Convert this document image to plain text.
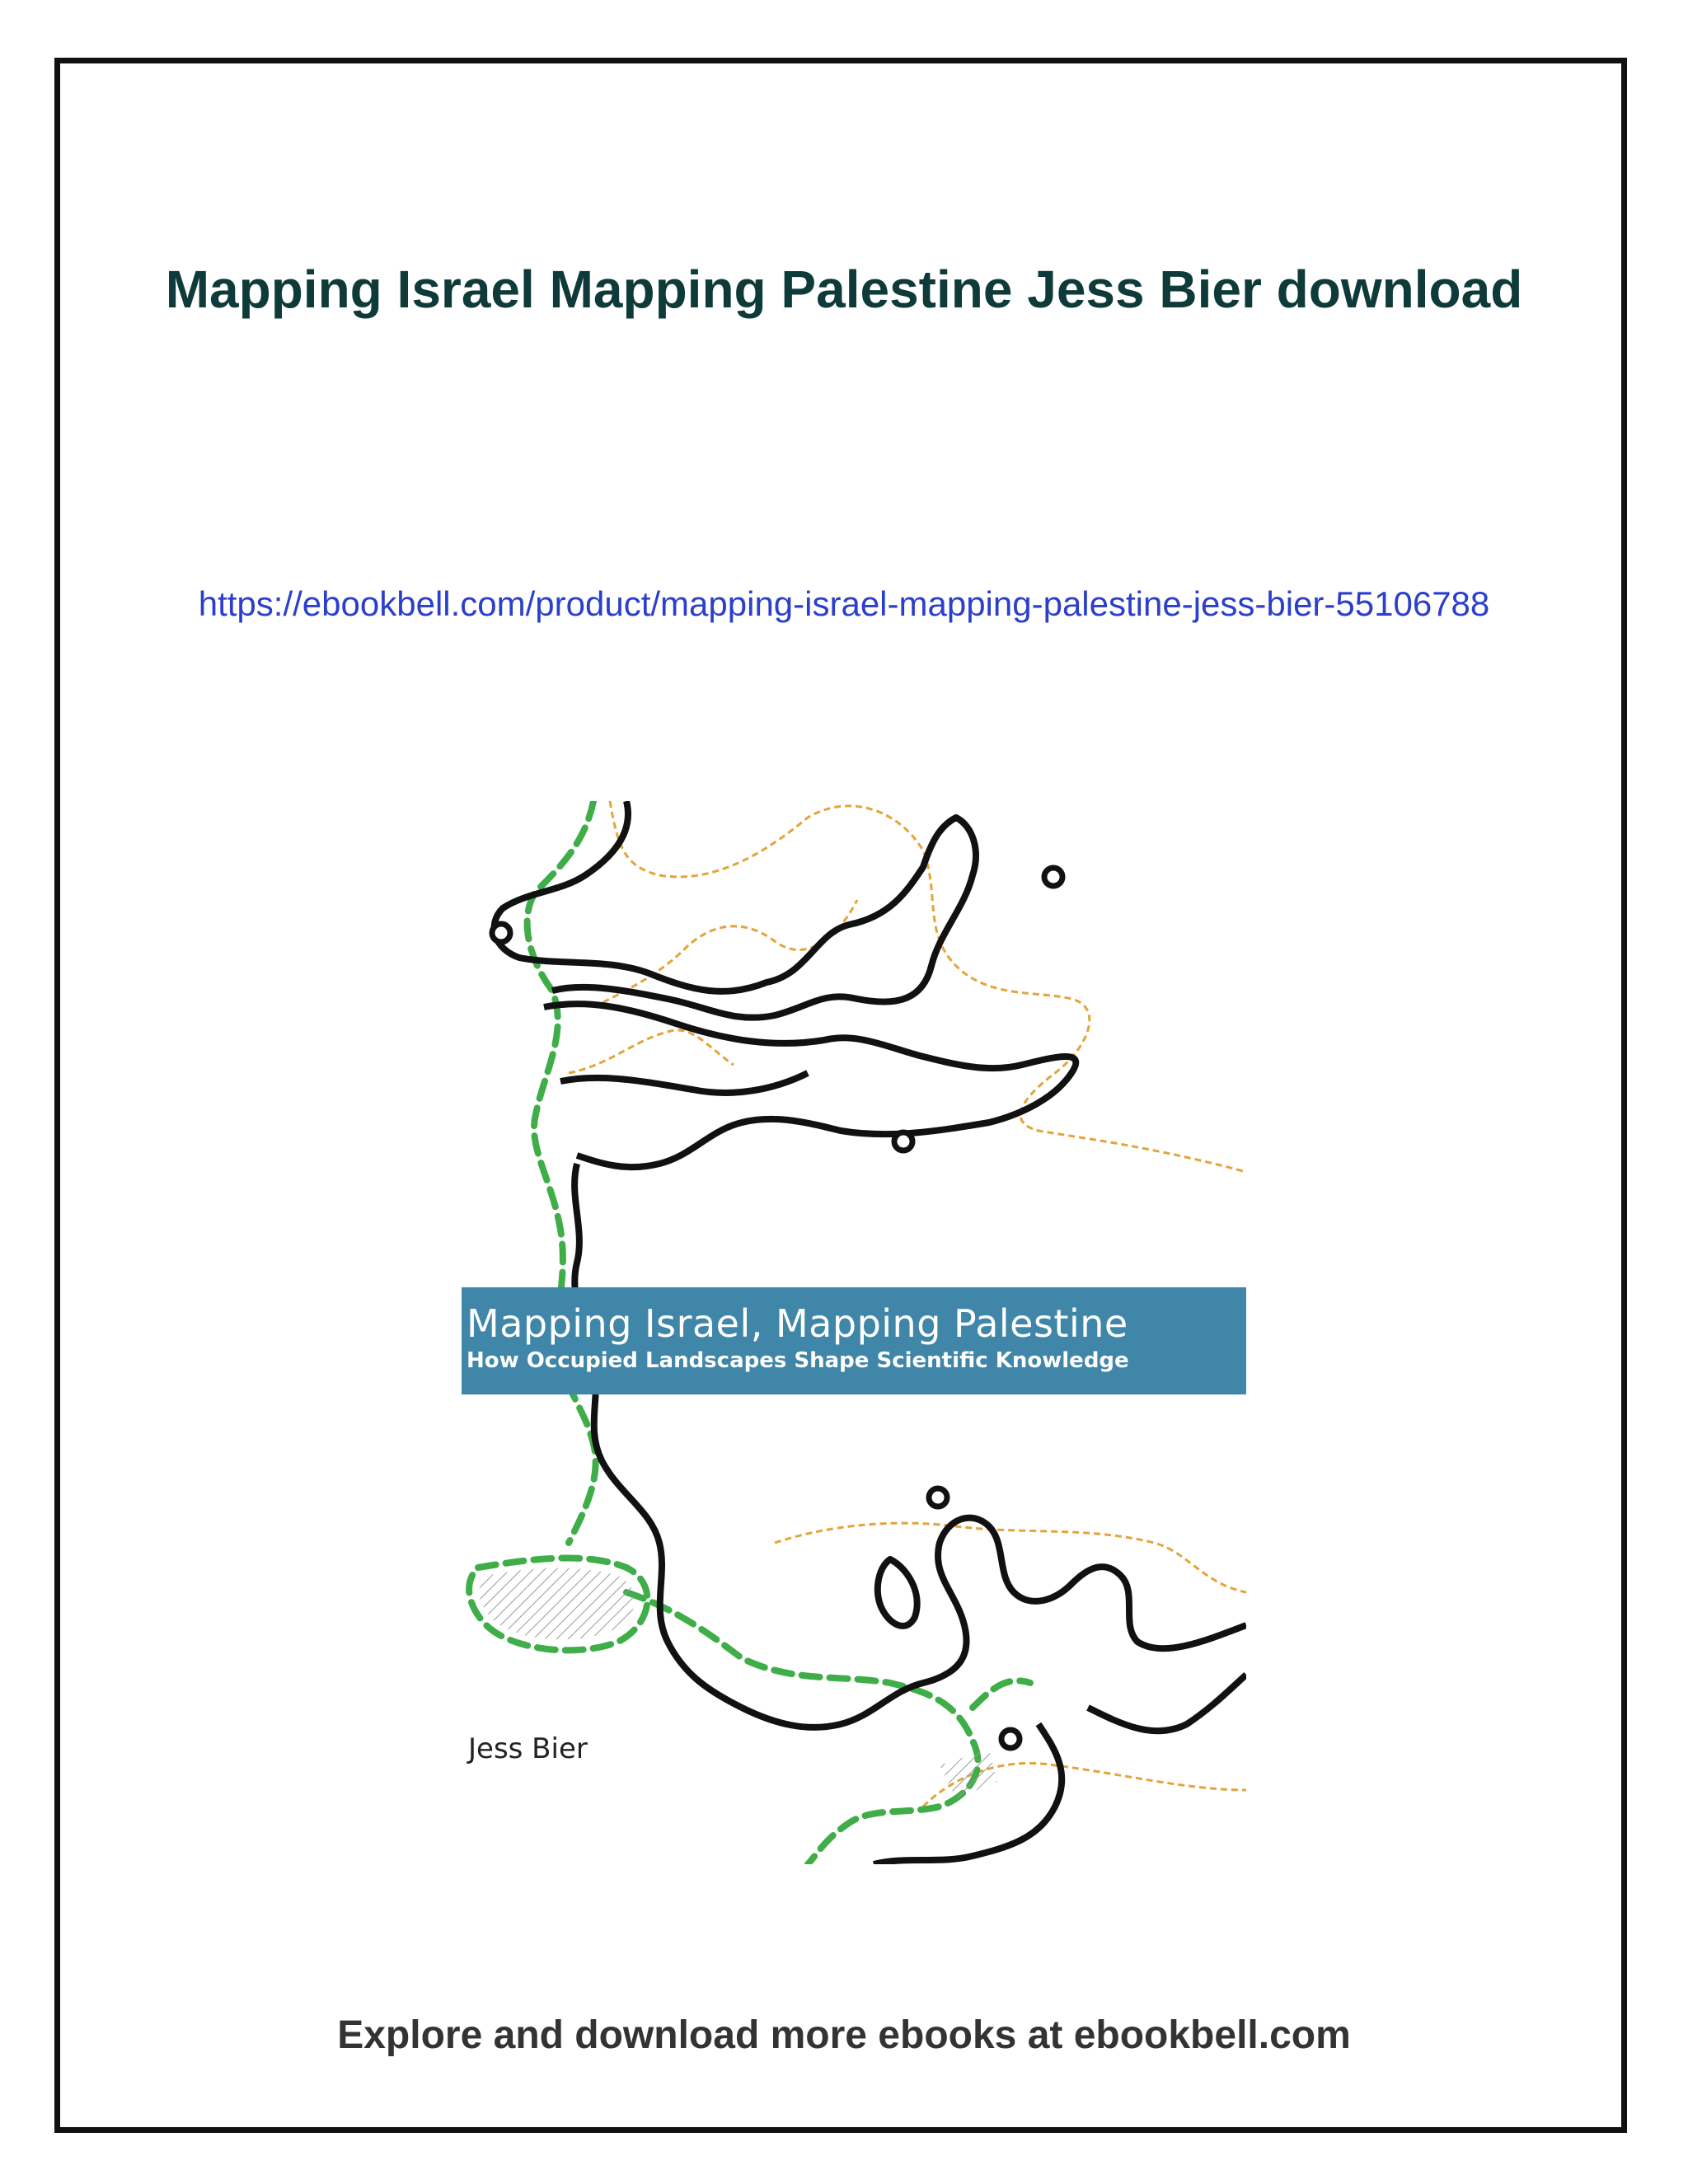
Mapping Israel Mapping Palestine Jess Bier download
https://ebookbell.com/product/mapping-israel-mapping-palestine-jess-bier-55106788
Mapping Israel, Mapping Palestine
How Occupied Landscapes Shape Scientific Knowledge
Jess Bier
Explore and download more ebooks at ebookbell.com
